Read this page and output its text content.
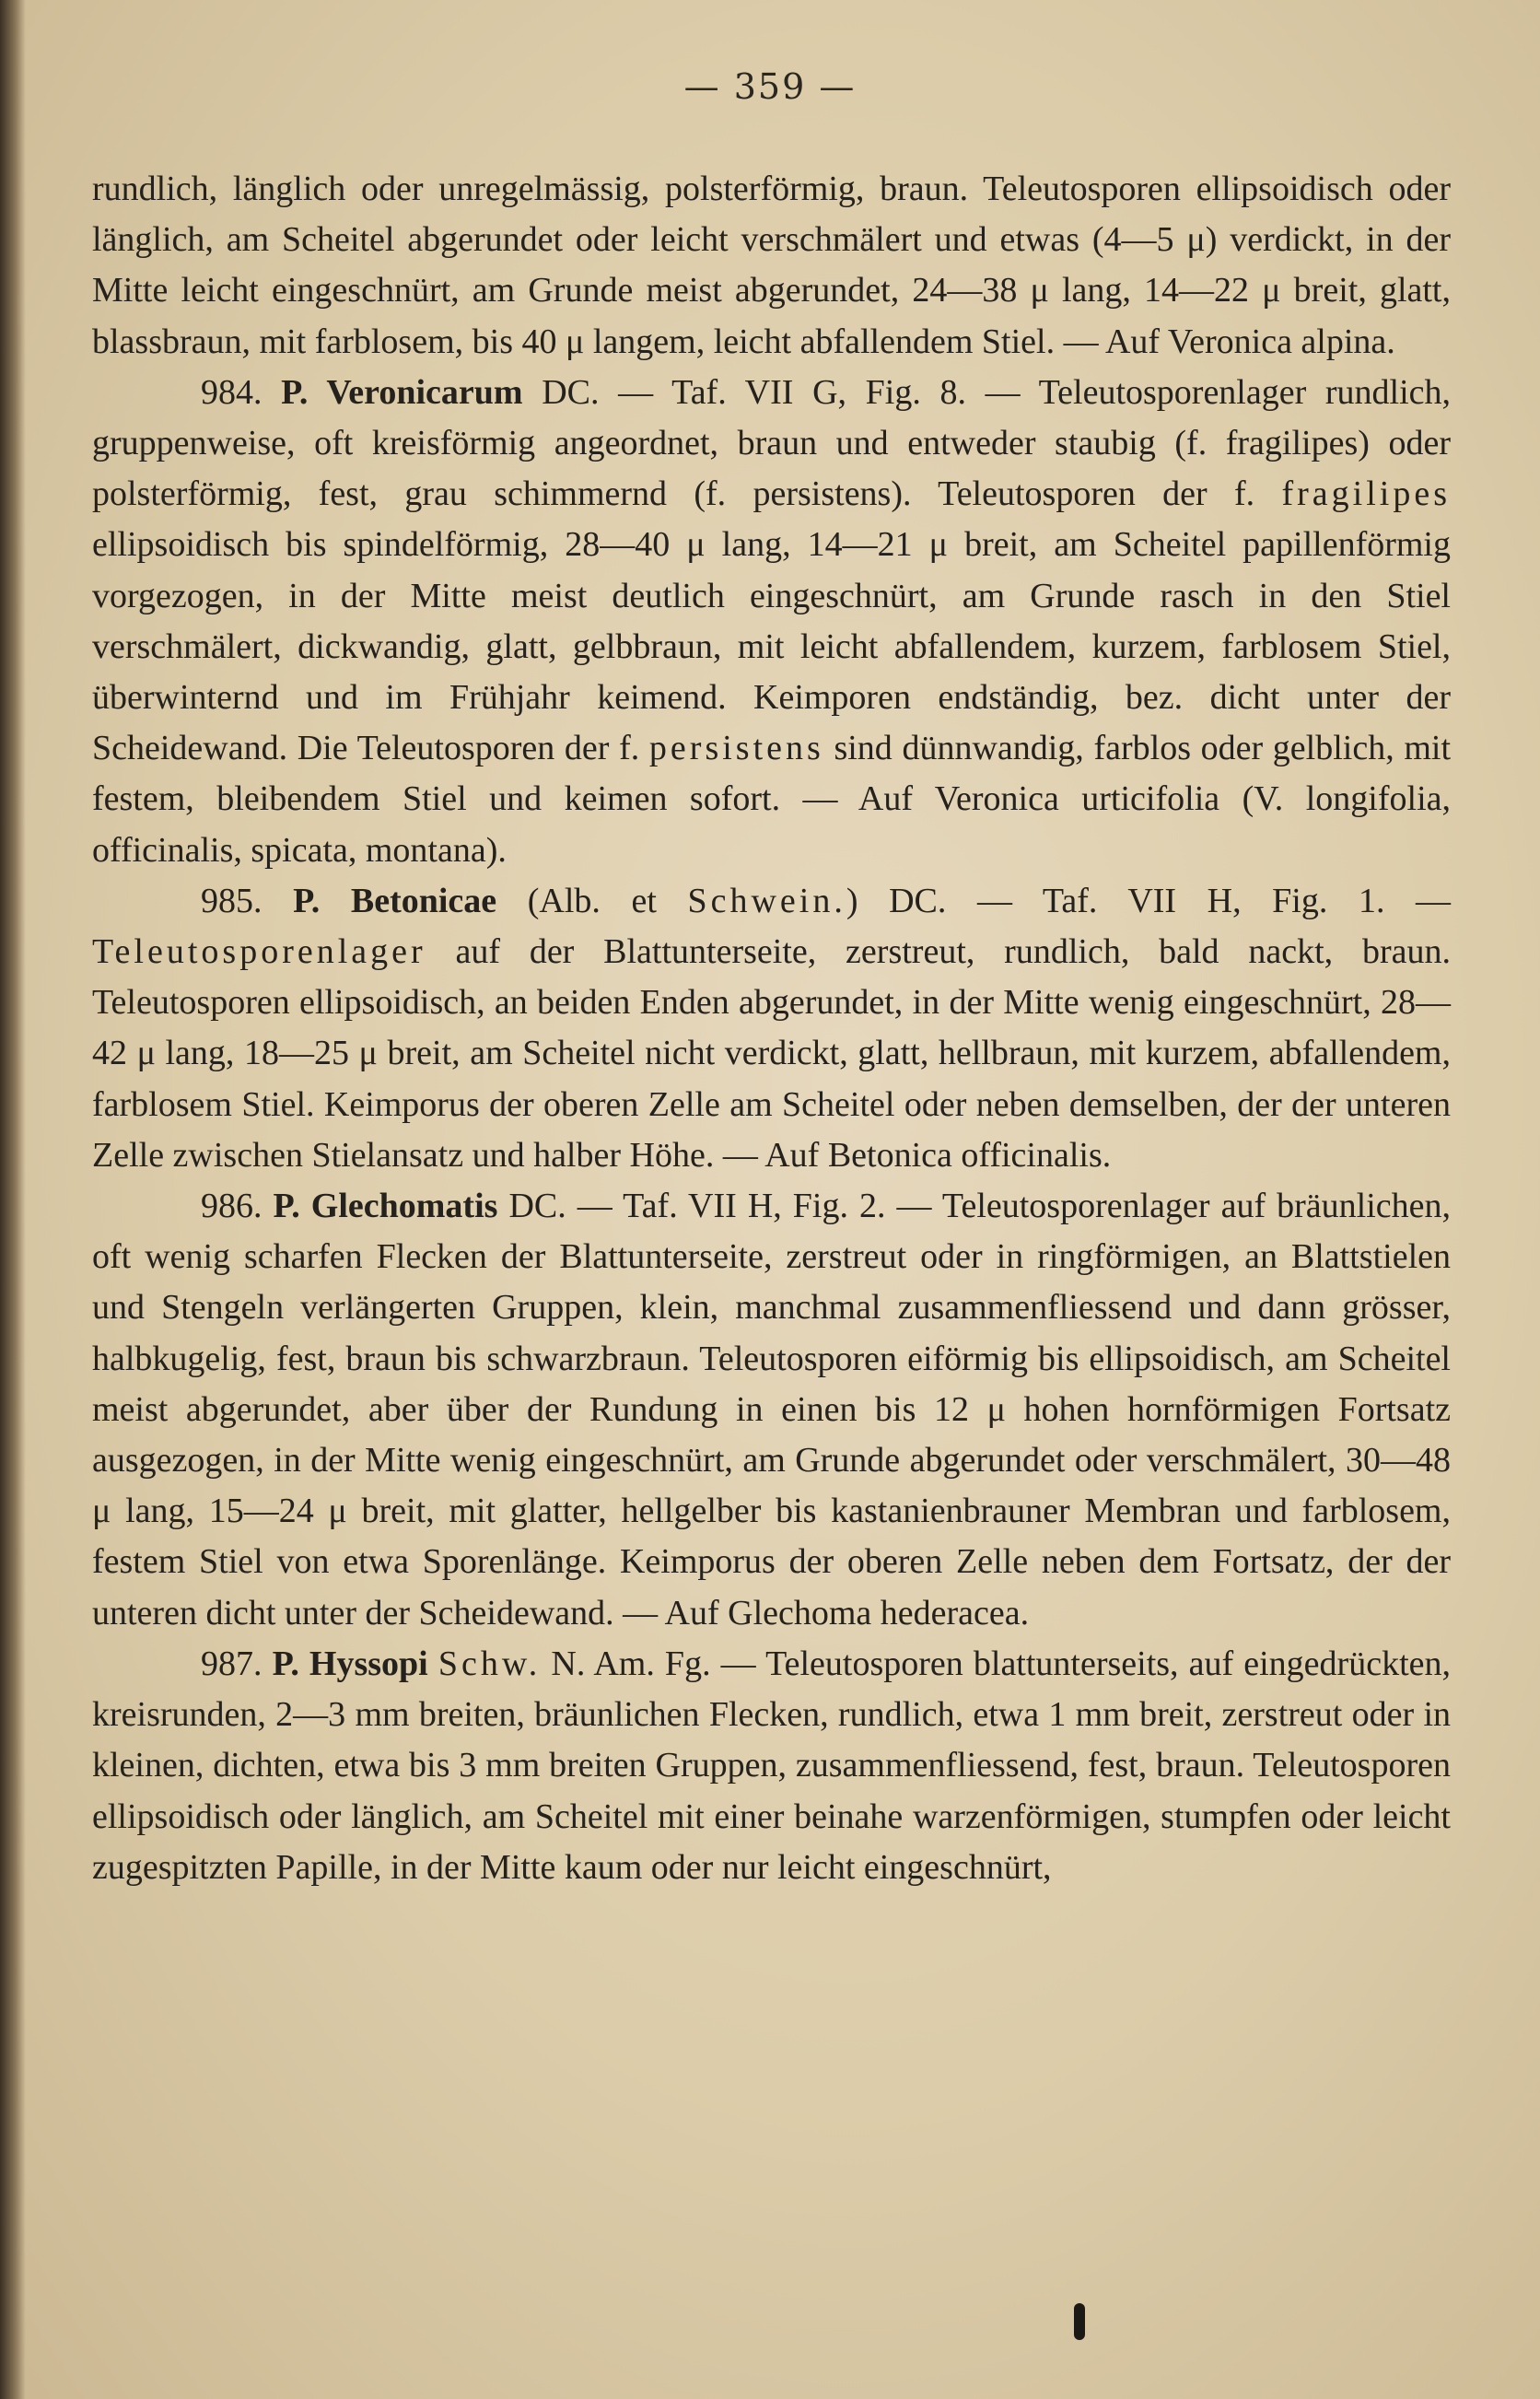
— 359 —

rundlich, länglich oder unregelmässig, polsterförmig, braun. Teleutosporen ellipsoidisch oder länglich, am Scheitel abgerundet oder leicht verschmälert und etwas (4—5 μ) verdickt, in der Mitte leicht eingeschnürt, am Grunde meist abgerundet, 24—38 μ lang, 14—22 μ breit, glatt, blassbraun, mit farblosem, bis 40 μ langem, leicht abfallendem Stiel. — Auf Veronica alpina.

984. P. Veronicarum DC. — Taf. VII G, Fig. 8. — Teleutosporenlager rundlich, gruppenweise, oft kreisförmig angeordnet, braun und entweder staubig (f. fragilipes) oder polsterförmig, fest, grau schimmernd (f. persistens). Teleutosporen der f. fragilipes ellipsoidisch bis spindelförmig, 28—40 μ lang, 14—21 μ breit, am Scheitel papillenförmig vorgezogen, in der Mitte meist deutlich eingeschnürt, am Grunde rasch in den Stiel verschmälert, dickwandig, glatt, gelbbraun, mit leicht abfallendem, kurzem, farblosem Stiel, überwinternd und im Frühjahr keimend. Keimporen endständig, bez. dicht unter der Scheidewand. Die Teleutosporen der f. persistens sind dünnwandig, farblos oder gelblich, mit festem, bleibendem Stiel und keimen sofort. — Auf Veronica urticifolia (V. longifolia, officinalis, spicata, montana).

985. P. Betonicae (Alb. et Schwein.) DC. — Taf. VII H, Fig. 1. — Teleutosporenlager auf der Blattunterseite, zerstreut, rundlich, bald nackt, braun. Teleutosporen ellipsoidisch, an beiden Enden abgerundet, in der Mitte wenig eingeschnürt, 28—42 μ lang, 18—25 μ breit, am Scheitel nicht verdickt, glatt, hellbraun, mit kurzem, abfallendem, farblosem Stiel. Keimporus der oberen Zelle am Scheitel oder neben demselben, der der unteren Zelle zwischen Stielansatz und halber Höhe. — Auf Betonica officinalis.

986. P. Glechomatis DC. — Taf. VII H, Fig. 2. — Teleutosporenlager auf bräunlichen, oft wenig scharfen Flecken der Blattunterseite, zerstreut oder in ringförmigen, an Blattstielen und Stengeln verlängerten Gruppen, klein, manchmal zusammenfliessend und dann grösser, halbkugelig, fest, braun bis schwarzbraun. Teleutosporen eiförmig bis ellipsoidisch, am Scheitel meist abgerundet, aber über der Rundung in einen bis 12 μ hohen hornförmigen Fortsatz ausgezogen, in der Mitte wenig eingeschnürt, am Grunde abgerundet oder verschmälert, 30—48 μ lang, 15—24 μ breit, mit glatter, hellgelber bis kastanienbrauner Membran und farblosem, festem Stiel von etwa Sporenlänge. Keimporus der oberen Zelle neben dem Fortsatz, der der unteren dicht unter der Scheidewand. — Auf Glechoma hederacea.

987. P. Hyssopi Schw. N. Am. Fg. — Teleutosporen blattunterseits, auf eingedrückten, kreisrunden, 2—3 mm breiten, bräunlichen Flecken, rundlich, etwa 1 mm breit, zerstreut oder in kleinen, dichten, etwa bis 3 mm breiten Gruppen, zusammenfliessend, fest, braun. Teleutosporen ellipsoidisch oder länglich, am Scheitel mit einer beinahe warzenförmigen, stumpfen oder leicht zugespitzten Papille, in der Mitte kaum oder nur leicht eingeschnürt,
